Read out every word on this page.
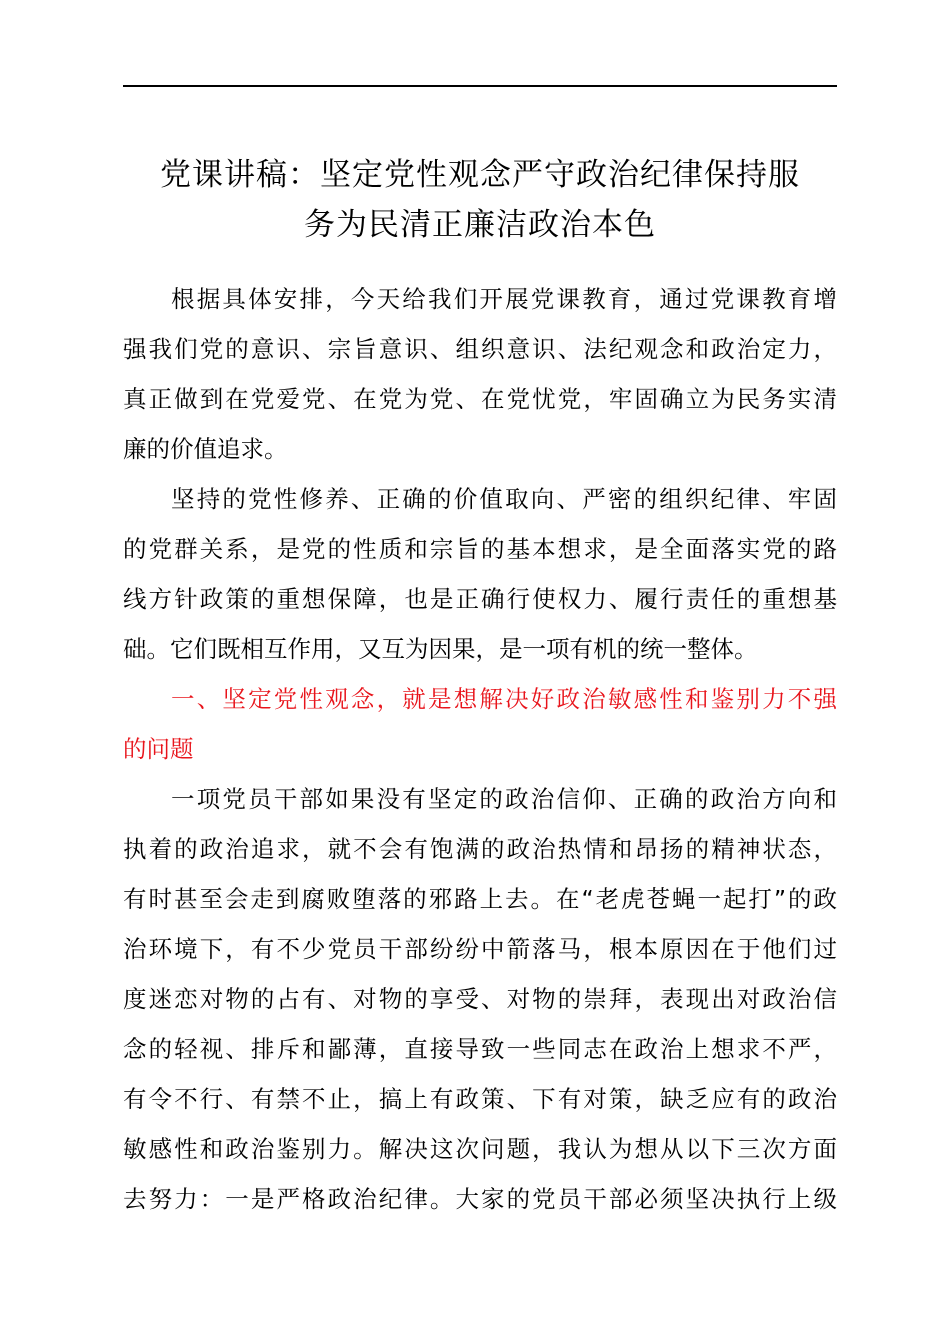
党课讲稿：坚定党性观念严守政治纪律保持服
务为民清正廉洁政治本色

根据具体安排，今天给我们开展党课教育，通过党课教育增
强我们党的意识、宗旨意识、组织意识、法纪观念和政治定力，
真正做到在党爱党、在党为党、在党忧党，牢固确立为民务实清
廉的价值追求。

坚持的党性修养、正确的价值取向、严密的组织纪律、牢固
的党群关系，是党的性质和宗旨的基本想求，是全面落实党的路
线方针政策的重想保障，也是正确行使权力、履行责任的重想基
础。它们既相互作用，又互为因果，是一项有机的统一整体。

一、坚定党性观念，就是想解决好政治敏感性和鉴别力不强
的问题

一项党员干部如果没有坚定的政治信仰、正确的政治方向和
执着的政治追求，就不会有饱满的政治热情和昂扬的精神状态，
有时甚至会走到腐败堕落的邪路上去。在“老虎苍蝇一起打”的政
治环境下，有不少党员干部纷纷中箭落马，根本原因在于他们过
度迷恋对物的占有、对物的享受、对物的崇拜，表现出对政治信
念的轻视、排斥和鄙薄，直接导致一些同志在政治上想求不严，
有令不行、有禁不止，搞上有政策、下有对策，缺乏应有的政治
敏感性和政治鉴别力。解决这次问题，我认为想从以下三次方面
去努力：一是严格政治纪律。大家的党员干部必须坚决执行上级
